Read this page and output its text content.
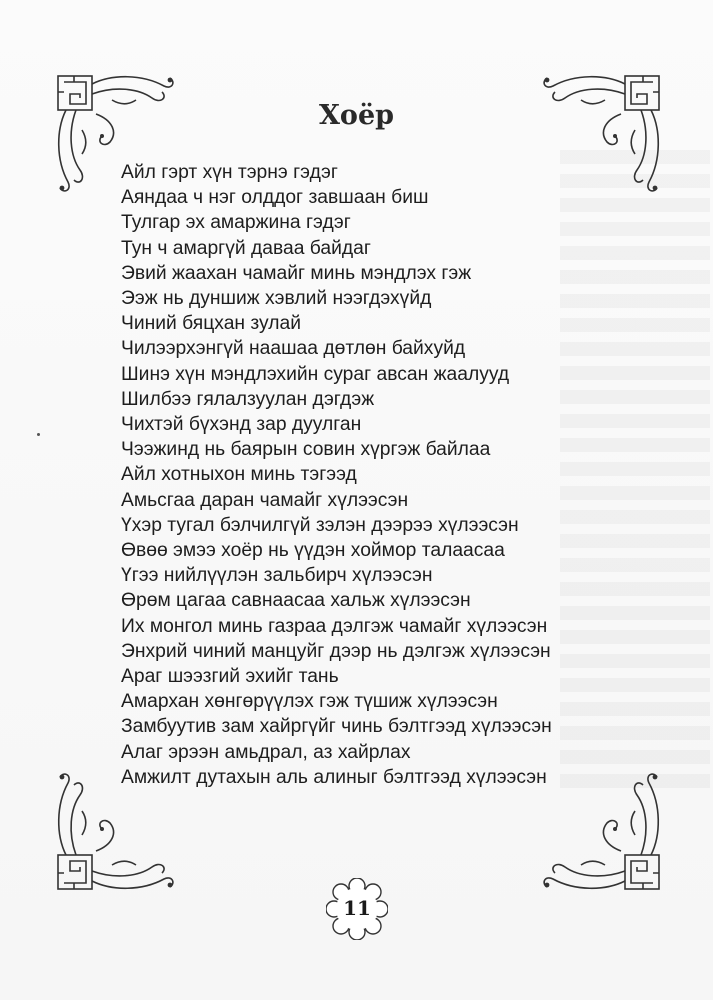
Хоёр
Айл гэрт хүн тэрнэ гэдэг
Аяндаа ч нэг олддог завшаан биш
Тулгар эх амаржина гэдэг
Тун ч амаргүй даваа байдаг
Эвий жаахан чамайг минь мэндлэх гэж
Ээж нь дуншиж хэвлий нээгдэхүйд
Чиний бяцхан зулай
Чилээрхэнгүй наашаа дөтлөн байхуйд
Шинэ хүн мэндлэхийн сураг авсан жаалууд
Шилбээ гялалзуулан дэгдэж
Чихтэй бүхэнд зар дуулган
Чээжинд нь баярын совин хүргэж байлаа
Айл хотныхон минь тэгээд
Амьсгаа даран чамайг хүлээсэн
Үхэр тугал бэлчилгүй зэлэн дээрээ хүлээсэн
Өвөө эмээ хоёр нь үүдэн хоймор талаасаа
Үгээ нийлүүлэн зальбирч хүлээсэн
Өрөм цагаа савнаасаа хальж хүлээсэн
Их монгол минь газраа дэлгэж чамайг хүлээсэн
Энхрий чиний манцуйг дээр нь дэлгэж хүлээсэн
Араг шээзгий эхийг тань
Амархан хөнгөрүүлэх гэж түшиж хүлээсэн
Замбуутив зам хайргүйг чинь бэлтгээд хүлээсэн
Алаг эрээн амьдрал, аз хайрлах
Амжилт дутахын аль алиныг бэлтгээд хүлээсэн
11
